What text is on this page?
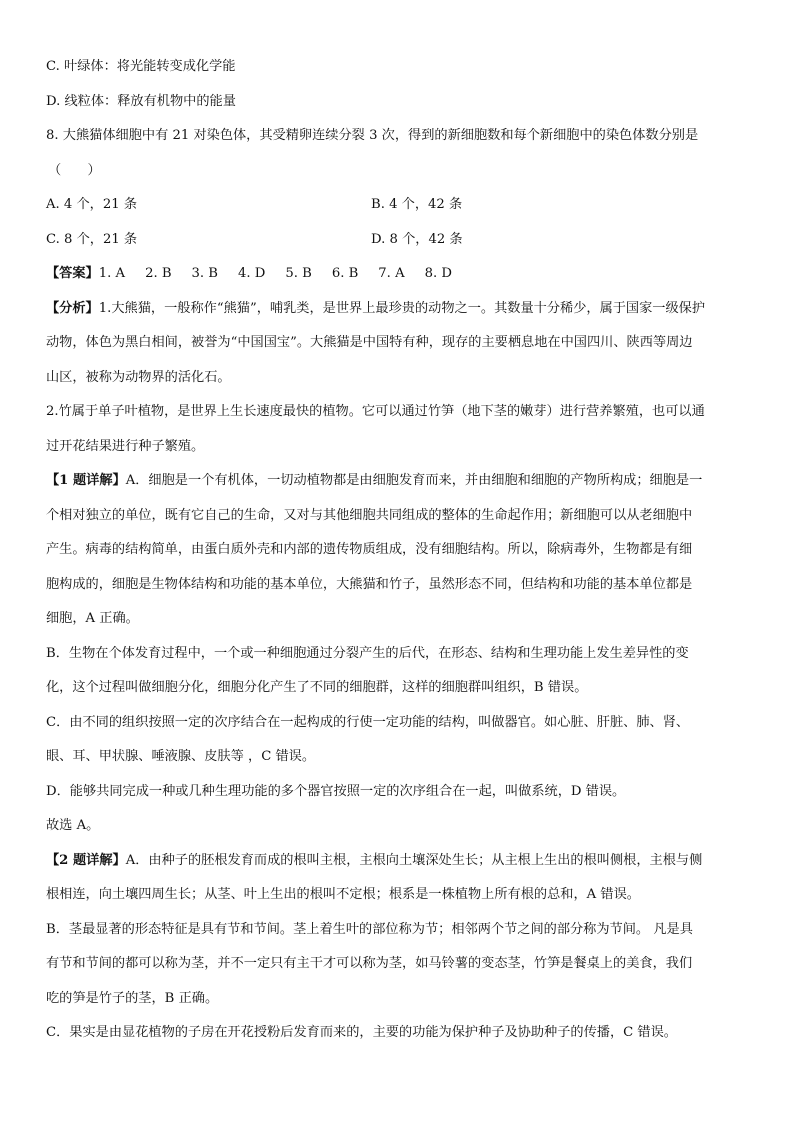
C. 叶绿体：将光能转变成化学能
D. 线粒体：释放有机物中的能量
8. 大熊猫体细胞中有 21 对染色体，其受精卵连续分裂 3 次，得到的新细胞数和每个新细胞中的染色体数分别是
（　　）
A. 4 个，21 条	B. 4 个，42 条
C. 8 个，21 条	D. 8 个，42 条
【答案】1. A 2. B 3. B 4. D 5. B 6. B 7. A 8. D
【分析】1.大熊猫，一般称作“熊猫”，哺乳类，是世界上最珍贵的动物之一。其数量十分稀少，属于国家一级保护
动物，体色为黑白相间，被誉为“中国国宝”。大熊猫是中国特有种，现存的主要栖息地在中国四川、陕西等周边
山区，被称为动物界的活化石。
2.竹属于单子叶植物，是世界上生长速度最快的植物。它可以通过竹笋（地下茎的嫩芽）进行营养繁殖，也可以通
过开花结果进行种子繁殖。
【1 题详解】A．细胞是一个有机体，一切动植物都是由细胞发育而来，并由细胞和细胞的产物所构成；细胞是一
个相对独立的单位，既有它自己的生命，又对与其他细胞共同组成的整体的生命起作用；新细胞可以从老细胞中
产生。病毒的结构简单，由蛋白质外壳和内部的遗传物质组成，没有细胞结构。所以，除病毒外，生物都是有细
胞构成的，细胞是生物体结构和功能的基本单位，大熊猫和竹子，虽然形态不同，但结构和功能的基本单位都是
细胞，A 正确。
B．生物在个体发育过程中，一个或一种细胞通过分裂产生的后代，在形态、结构和生理功能上发生差异性的变
化，这个过程叫做细胞分化，细胞分化产生了不同的细胞群，这样的细胞群叫组织，B 错误。
C．由不同的组织按照一定的次序结合在一起构成的行使一定功能的结构，叫做器官。如心脏、肝脏、肺、肾、
眼、耳、甲状腺、唾液腺、皮肤等 ，C 错误。
D．能够共同完成一种或几种生理功能的多个器官按照一定的次序组合在一起，叫做系统，D 错误。
故选 A。
【2 题详解】A．由种子的胚根发育而成的根叫主根，主根向土壤深处生长；从主根上生出的根叫侧根，主根与侧
根相连，向土壤四周生长；从茎、叶上生出的根叫不定根；根系是一株植物上所有根的总和，A 错误。
B．茎最显著的形态特征是具有节和节间。茎上着生叶的部位称为节；相邻两个节之间的部分称为节间。 凡是具
有节和节间的都可以称为茎，并不一定只有主干才可以称为茎，如马铃薯的变态茎，竹笋是餐桌上的美食，我们
吃的笋是竹子的茎，B 正确。
C．果实是由显花植物的子房在开花授粉后发育而来的，主要的功能为保护种子及协助种子的传播，C 错误。
